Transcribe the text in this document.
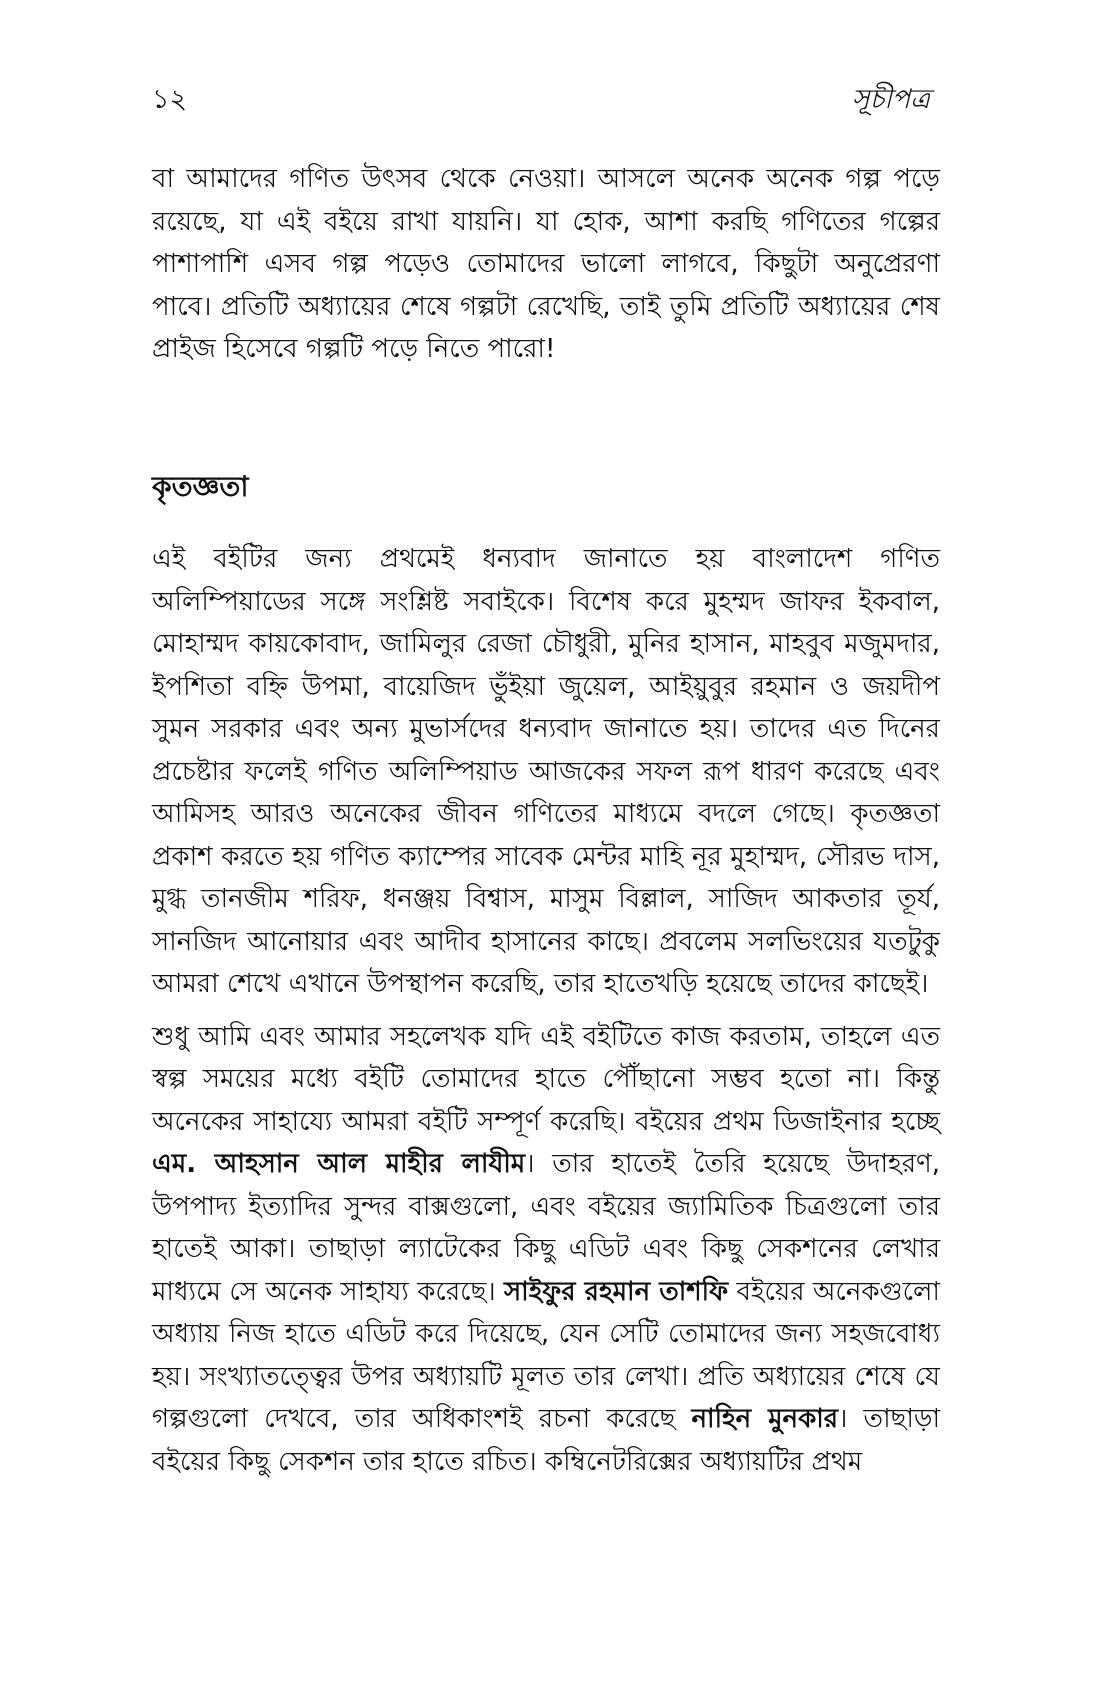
১২	সূচীপত্র

বা আমাদের গণিত উৎসব থেকে নেওয়া। আসলে অনেক অনেক গল্প পড়ে রয়েছে, যা এই বইয়ে রাখা যায়নি। যা হোক, আশা করছি গণিতের গল্পের পাশাপাশি এসব গল্প পড়েও তোমাদের ভালো লাগবে, কিছুটা অনুপ্রেরণা পাবে। প্রতিটি অধ্যায়ের শেষে গল্পটা রেখেছি, তাই তুমি প্রতিটি অধ্যায়ের শেষ প্রাইজ হিসেবে গল্পটি পড়ে নিতে পারো!

কৃতজ্ঞতা

এই বইটির জন্য প্রথমেই ধন্যবাদ জানাতে হয় বাংলাদেশ গণিত অলিম্পিয়াডের সঙ্গে সংশ্লিষ্ট সবাইকে। বিশেষ করে মুহম্মদ জাফর ইকবাল, মোহাম্মদ কায়কোবাদ, জামিলুর রেজা চৌধুরী, মুনির হাসান, মাহবুব মজুমদার, ইপশিতা বহ্নি উপমা, বায়েজিদ ভুঁইয়া জুয়েল, আইয়ুবুর রহমান ও জয়দীপ সুমন সরকার এবং অন্য মুভার্সদের ধন্যবাদ জানাতে হয়। তাদের এত দিনের প্রচেষ্টার ফলেই গণিত অলিম্পিয়াড আজকের সফল রূপ ধারণ করেছে এবং আমিসহ আরও অনেকের জীবন গণিতের মাধ্যমে বদলে গেছে। কৃতজ্ঞতা প্রকাশ করতে হয় গণিত ক্যাম্পের সাবেক মেন্টর মাহি নূর মুহাম্মদ, সৌরভ দাস, মুগ্ধ তানজীম শরিফ, ধনঞ্জয় বিশ্বাস, মাসুম বিল্লাল, সাজিদ আকতার তূর্য, সানজিদ আনোয়ার এবং আদীব হাসানের কাছে। প্রবলেম সলভিংয়ের যতটুকু আমরা শেখে এখানে উপস্থাপন করেছি, তার হাতেখড়ি হয়েছে তাদের কাছেই।

শুধু আমি এবং আমার সহলেখক যদি এই বইটিতে কাজ করতাম, তাহলে এত স্বল্প সময়ের মধ্যে বইটি তোমাদের হাতে পৌঁছানো সম্ভব হতো না। কিন্তু অনেকের সাহায্যে আমরা বইটি সম্পূর্ণ করেছি। বইয়ের প্রথম ডিজাইনার হচ্ছে এম. আহসান আল মাহীর লাযীম। তার হাতেই তৈরি হয়েছে উদাহরণ, উপপাদ্য ইত্যাদির সুন্দর বাক্সগুলো, এবং বইয়ের জ্যামিতিক চিত্রগুলো তার হাতেই আকা। তাছাড়া ল্যাটেকের কিছু এডিট এবং কিছু সেকশনের লেখার মাধ্যমে সে অনেক সাহায্য করেছে। সাইফুর রহমান তাশফি বইয়ের অনেকগুলো অধ্যায় নিজ হাতে এডিট করে দিয়েছে, যেন সেটি তোমাদের জন্য সহজবোধ্য হয়। সংখ্যাতত্ত্বের উপর অধ্যায়টি মূলত তার লেখা। প্রতি অধ্যায়ের শেষে যে গল্পগুলো দেখবে, তার অধিকাংশই রচনা করেছে নাহিন মুনকার। তাছাড়া বইয়ের কিছু সেকশন তার হাতে রচিত। কম্বিনেটরিক্সের অধ্যায়টির প্রথম
